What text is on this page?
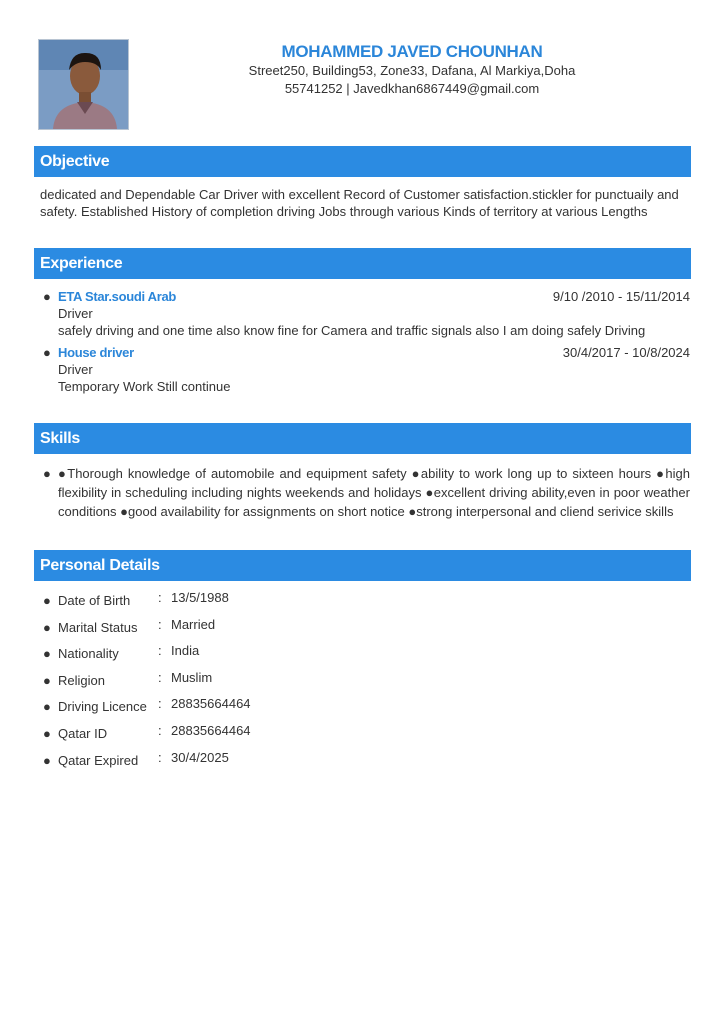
MOHAMMED JAVED CHOUNHAN
Street250, Building53, Zone33, Dafana, Al Markiya,Doha
55741252 | Javedkhan6867449@gmail.com
Objective
dedicated and Dependable Car Driver with excellent Record of Customer satisfaction.stickler for punctuaily and safety. Established History of completion driving Jobs through various Kinds of territory at various Lengths
Experience
● ETA Star.soudi Arab	9/10 /2010 - 15/11/2014
Driver
safely driving and one time also know fine for Camera and traffic signals also I am doing safely Driving
● House driver	30/4/2017 - 10/8/2024
Driver
Temporary Work Still continue
Skills
● ●Thorough knowledge of automobile and equipment safety ●ability to work long up to sixteen hours ●high flexibility in scheduling including nights weekends and holidays ●excellent driving ability,even in poor weather conditions ●good availability for assignments on short notice ●strong interpersonal and cliend serivice skills
Personal Details
● Date of Birth : 13/5/1988
● Marital Status : Married
● Nationality	: India
● Religion	: Muslim
● Driving Licence : 28835664464
● Qatar ID	: 28835664464
● Qatar Expired : 30/4/2025
